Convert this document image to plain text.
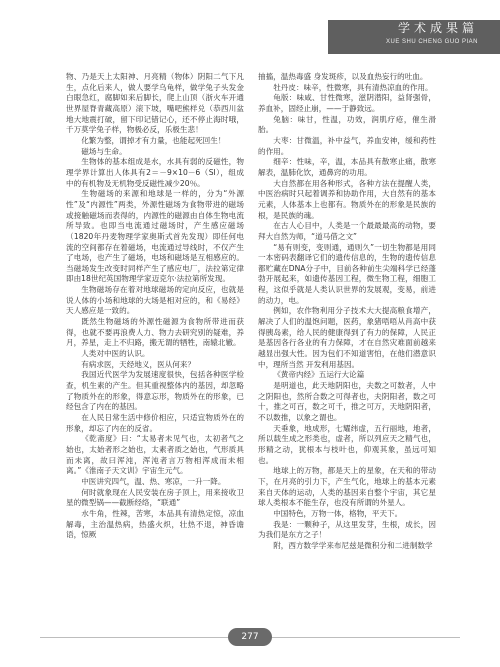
学术成果篇
XUE SHU CHENG GUO PIAN

物、乃是天上太阳神、月亮精（物体）阴阳二气下凡生，点化后来人，做人要学乌龟样，做学兔子头发金白眼急红，腐脚如来后脚长，爬上山顶（浙火车开通世界屋脊青藏高原）滚下坡，嘴吧熊样兑（恭西川盆地大地震打破，留下印记错记心，还不停止海时哦，千万莫学兔子样，物极必反，乐极生悲！

化繁为整，谓掉才有力量，也能起死回生！

磁场与生命。

生物体的基本组成是水，水具有弱的反磁性，物理学界计算出人体具有2＝－9×10－6（SI），组成中的有机物及无机物受反磁性减少20％。

生物磁场的来源和地球是一样的，分为“外源性”及“内源性”两类，外源性磁场为食物带进的磁场或接触磁场而表得的，内源性的磁源由自体生物电流所导致。也即当电流通过磁场时，产生感应磁场（1820年丹麦物理学家奥斯式首先发现）即任何电流的空间都存在着磁场，电流通过导线时，不仅产生了电场，也产生了磁场，电场和磁场是互相感应的。当磁场发生改变时同样产生了感应电厂，法拉第定律即由18世纪英国物理学家迈克尔·法拉第所发现。

生物磁场存在着对地球磁场的定向反应，也就是说人体的小场和地球的大场是相对应的，和《易经》天人感应是一致的。

既然生物磁场的外源性磁源为食物所带进而获得，也就不要再浪费人力、物力去研究别的疑难，养月，养星，走上不归路，搬无谓的牺牲，南辕北辙。

人类对中医的认识。

有病求医，天经地义，医从何来？

我国近代医学为发展速度很快，包括各种医学检查，机生素的产生。但其重视整体内的基因，却忽略了物质外在的形象，得意忘形，物质外在的形象，已经包含了内在的基因。

在人民日常生活中修价相应，只适宜物质外在的形象，却忘了内在的反省。

《乾斋度》曰：“太易者未见气也，太初者气之始也，太始者形之始也，太素者质之始也，气形质具而未离，故曰浑沌，浑沌者言万物相浑成而未相离。”《淮南子天文训》宇宙生元气。

中医讲究四气，温、热、寒凉，一升一降。

何时就象现在人民安装在房子顶上，用来接收卫星的微型锅——截断经络，“联通”

水牛角，性辣，苦寒，本品具有清热定惊，凉血解毒，主治温热病，热盛火炽，壮热不退，神昏谵语，惊厥

抽搐，温热毒盛 身发斑疹，以及血热妄行的吐血。

牡丹皮：味辛，性微寒，具有清热凉血的作用。

龟版：味咸、甘性微寒，滋阴潜阳，益肾强骨，养血补，固经止崩，——于静致远。

兔脑：味甘，性温，功效，润肌疗疮，催生滑胎。

大枣：甘微温，补中益气，养血安神，缓和药性的作用。

细辛：性味，辛，温，本品具有散寒止痛，散寒解表，温肺化饮，通鼻窍的功用。

大自然都在用各种形式，各种方法在提醒人类，中医治病时只起着调养和协助作用，大自然有的基本元素，人体基本上也都有。物质外在的形象是民族的根，是民族的魂。

在古人心目中，人类是一个最最最高的动物，要拜大自然为师，“道马借之文”

“易有则变，变则通，通则久”一切生物都是用同一本密码表翻译它们的遗传信息的，生物的遗传信息都贮藏在DNA分子中，目前各种前生尖端科学已经蓬勃开展起来，如遗传基因工程，微生物工程，细胞工程，这似乎就是人类认识世界的发展观，变易，前进的动力，电。

例如，农作物利用分子技术大大提高粮食增产，解决了人们的温饱问题，医药，象猪唔唔从肖高中获得胰岛素，给人民的健康得到了有力的保障，人民正是基因各行各业的有力保障，才在自然灾难面前越来越显出强大性。因为包们不知道害怕，在他们潜意识中，理所当然 开发利用基因。

《黄帝内经》五运行大论篇

是明道也，此天地阴阳也，夫数之可数者，人中之阴阳也，然所合数之可得者也，夫阴阳者，数之可十，推之可百，数之可千，推之可万，天地阴阳者，不以数推，以象之谓也。

天垂象，地成形，七耀纬虚，五行丽地，地者，所以载生成之形类也，虚者，所以列应天之精气也，形精之动，犹根本与枝叶也，仰观其象，虽远可知也。

地球上的万物，都是天上的星象，在天和的带动下，在月亮的引力下，产生气化，地球上的基本元素来自天体的运动，人类的基因来自整个宇宙，其它星球人类根本不能生存，也没有所谓的外星人。

中国特色，万物一体，格物，平天下。

我是：一颗种子，从这里发芽，生根，成长，因为我们是东方之子！

附，西方数学学来布尼兹是微积分和二进制数学

277
